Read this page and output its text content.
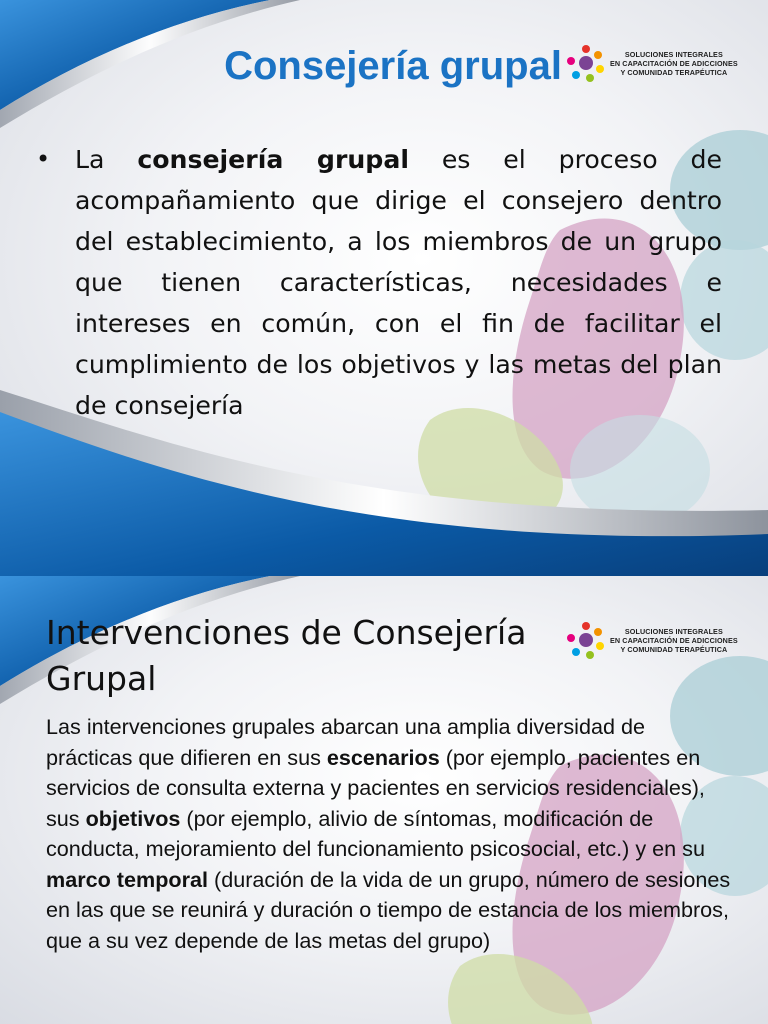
Consejería grupal	SOLUCIONES INTEGRALES
EN CAPACITACIÓN DE ADICCIONES
Y COMUNIDAD TERAPÉUTICA
• La consejería grupal es el proceso de acompañamiento que dirige el consejero dentro del establecimiento, a los miembros de un grupo que tienen características, necesidades e intereses en común, con el fin de facilitar el cumplimiento de los objetivos y las metas del plan de consejería
Intervenciones de Consejería
Grupal
SOLUCIONES INTEGRALES
EN CAPACITACIÓN DE ADICCIONES
Y COMUNIDAD TERAPÉUTICA

Las intervenciones grupales abarcan una amplia diversidad de prácticas que difieren en sus escenarios (por ejemplo, pacientes en servicios de consulta externa y pacientes en servicios residenciales), sus objetivos (por ejemplo, alivio de síntomas, modificación de conducta, mejoramiento del funcionamiento psicosocial, etc.) y en su marco temporal (duración de la vida de un grupo, número de sesiones en las que se reunirá y duración o tiempo de estancia de los miembros, que a su vez depende de las metas del grupo)
